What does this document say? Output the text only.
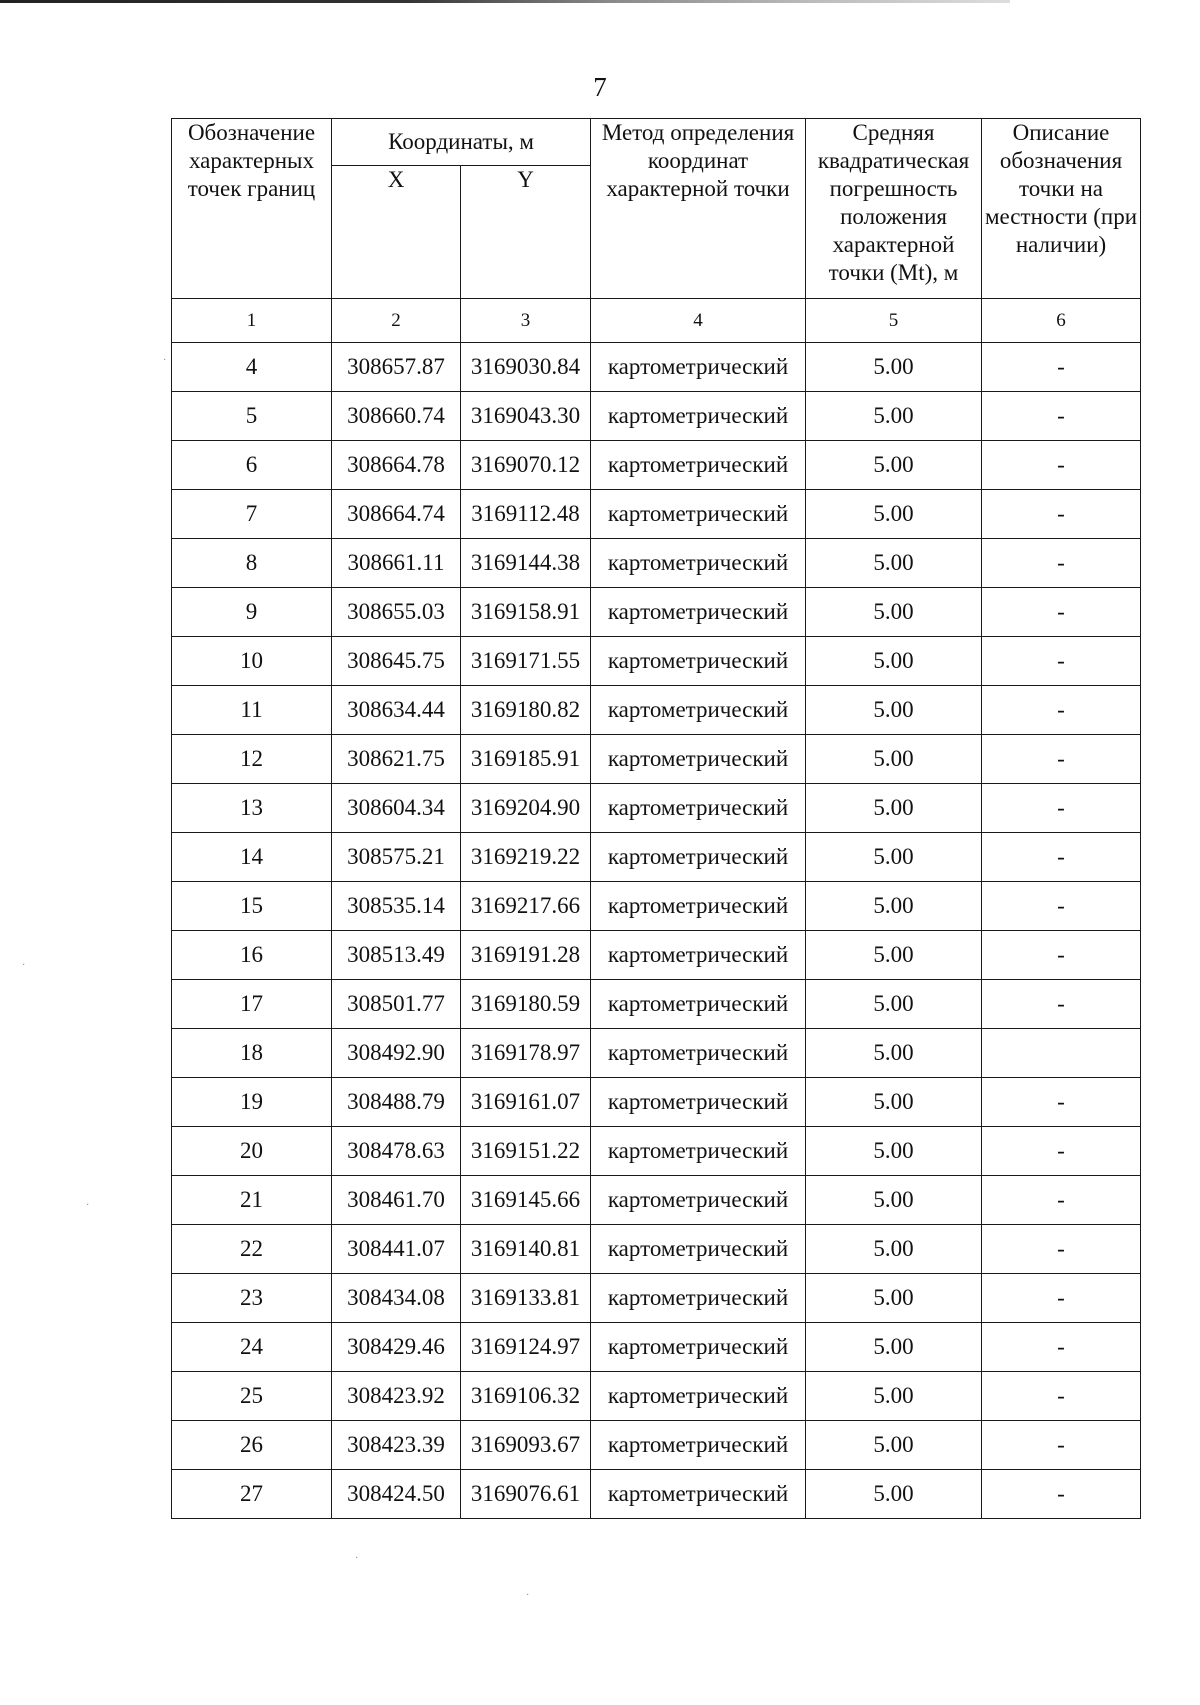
7
Обозначение характерных точек границ	Координаты, м		Метод определения координат характерной точки	Средняя квадратическая погрешность положения характерной точки (Mt), м	Описание обозначения точки на местности (при наличии)
	X	Y			
1	2	3	4	5	6
4	308657.87	3169030.84	картометрический	5.00	-
5	308660.74	3169043.30	картометрический	5.00	-
6	308664.78	3169070.12	картометрический	5.00	-
7	308664.74	3169112.48	картометрический	5.00	-
8	308661.11	3169144.38	картометрический	5.00	-
9	308655.03	3169158.91	картометрический	5.00	-
10	308645.75	3169171.55	картометрический	5.00	-
11	308634.44	3169180.82	картометрический	5.00	-
12	308621.75	3169185.91	картометрический	5.00	-
13	308604.34	3169204.90	картометрический	5.00	-
14	308575.21	3169219.22	картометрический	5.00	-
15	308535.14	3169217.66	картометрический	5.00	-
16	308513.49	3169191.28	картометрический	5.00	-
17	308501.77	3169180.59	картометрический	5.00	-
18	308492.90	3169178.97	картометрический	5.00	
19	308488.79	3169161.07	картометрический	5.00	-
20	308478.63	3169151.22	картометрический	5.00	-
21	308461.70	3169145.66	картометрический	5.00	-
22	308441.07	3169140.81	картометрический	5.00	-
23	308434.08	3169133.81	картометрический	5.00	-
24	308429.46	3169124.97	картометрический	5.00	-
25	308423.92	3169106.32	картометрический	5.00	-
26	308423.39	3169093.67	картометрический	5.00	-
27	308424.50	3169076.61	картометрический	5.00	-
·
·
·
·
·
